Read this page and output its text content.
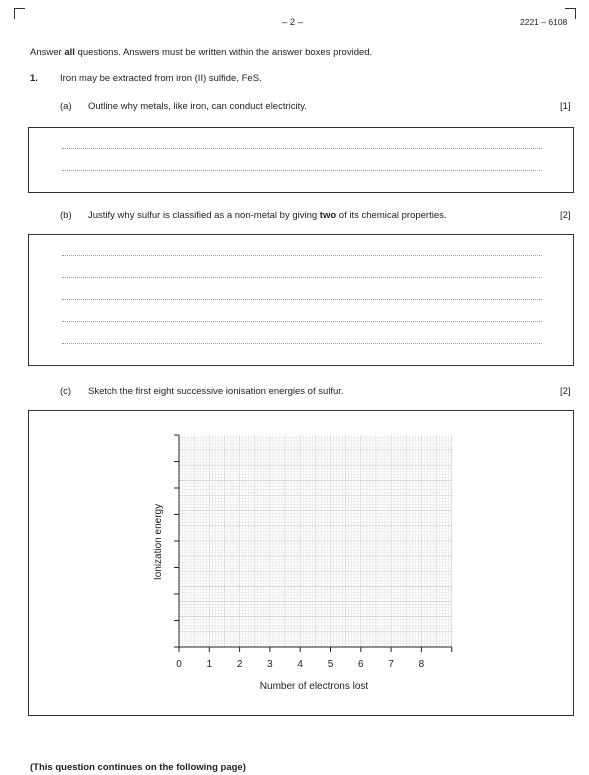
– 2 –	2221 – 6108
Answer all questions. Answers must be written within the answer boxes provided.
1. Iron may be extracted from iron (II) sulfide, FeS.
(a) Outline why metals, like iron, can conduct electricity.	[1]
(b) Justify why sulfur is classified as a non-metal by giving two of its chemical properties.	[2]
(c) Sketch the first eight successive ionisation energies of sulfur.	[2]
0 1 2 3 4 5 6 7 8
Ionization energy
Number of electrons lost
(This question continues on the following page)
